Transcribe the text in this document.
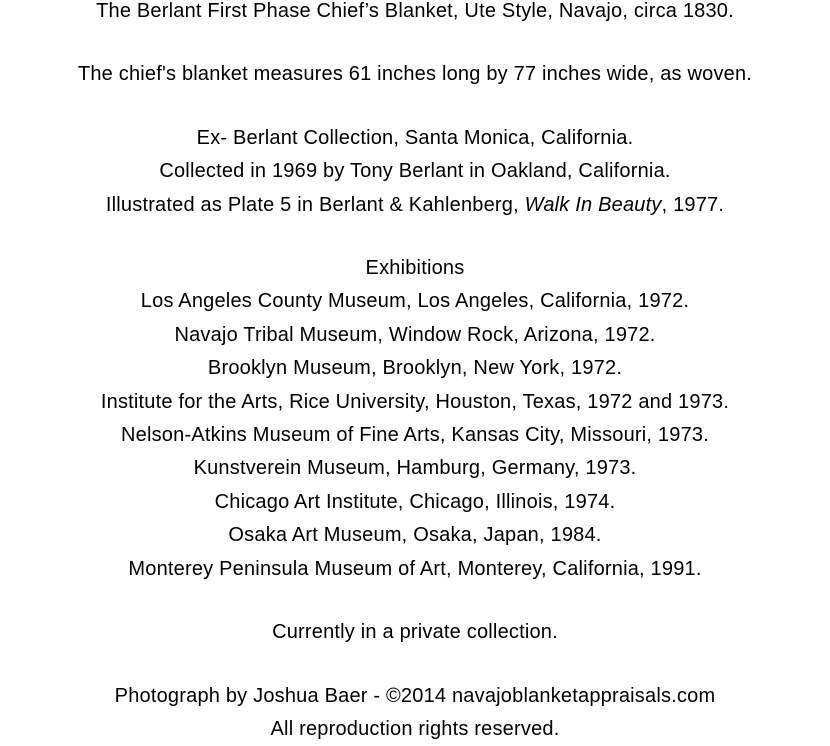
The Berlant First Phase Chief’s Blanket, Ute Style, Navajo, circa 1830.

The chief's blanket measures 61 inches long by 77 inches wide, as woven.

Ex- Berlant Collection, Santa Monica, California.
Collected in 1969 by Tony Berlant in Oakland, California.
Illustrated as Plate 5 in Berlant & Kahlenberg, Walk In Beauty, 1977.

Exhibitions
Los Angeles County Museum, Los Angeles, California, 1972.
Navajo Tribal Museum, Window Rock, Arizona, 1972.
Brooklyn Museum, Brooklyn, New York, 1972.
Institute for the Arts, Rice University, Houston, Texas, 1972 and 1973.
Nelson-Atkins Museum of Fine Arts, Kansas City, Missouri, 1973.
Kunstverein Museum, Hamburg, Germany, 1973.
Chicago Art Institute, Chicago, Illinois, 1974.
Osaka Art Museum, Osaka, Japan, 1984.
Monterey Peninsula Museum of Art, Monterey, California, 1991.

Currently in a private collection.

Photograph by Joshua Baer - ©2014 navajoblanketappraisals.com
All reproduction rights reserved.
